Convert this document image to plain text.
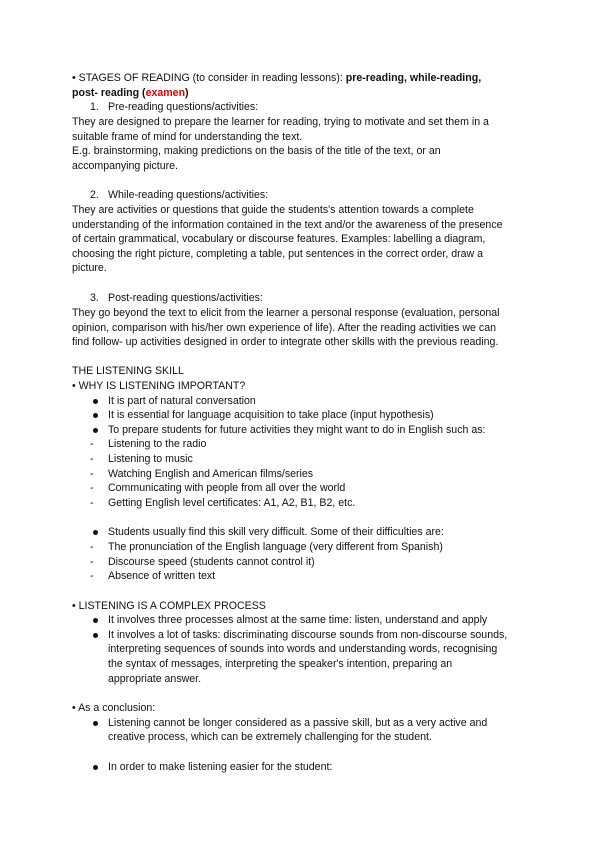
• STAGES OF READING (to consider in reading lessons): pre-reading, while-reading,
post- reading (examen)
1. Pre-reading questions/activities:
They are designed to prepare the learner for reading, trying to motivate and set them in a
suitable frame of mind for understanding the text.
E.g. brainstorming, making predictions on the basis of the title of the text, or an
accompanying picture.
2. While-reading questions/activities:
They are activities or questions that guide the students's attention towards a complete
understanding of the information contained in the text and/or the awareness of the presence
of certain grammatical, vocabulary or discourse features. Examples: labelling a diagram,
choosing the right picture, completing a table, put sentences in the correct order, draw a
picture.
3. Post-reading questions/activities:
They go beyond the text to elicit from the learner a personal response (evaluation, personal
opinion, comparison with his/her own experience of life). After the reading activities we can
find follow- up activities designed in order to integrate other skills with the previous reading.
THE LISTENING SKILL
• WHY IS LISTENING IMPORTANT?
It is part of natural conversation
It is essential for language acquisition to take place (input hypothesis)
To prepare students for future activities they might want to do in English such as:
- Listening to the radio
- Listening to music
- Watching English and American films/series
- Communicating with people from all over the world
- Getting English level certificates: A1, A2, B1, B2, etc.
Students usually find this skill very difficult. Some of their difficulties are:
- The pronunciation of the English language (very different from Spanish)
- Discourse speed (students cannot control it)
- Absence of written text
• LISTENING IS A COMPLEX PROCESS
It involves three processes almost at the same time: listen, understand and apply
It involves a lot of tasks: discriminating discourse sounds from non-discourse sounds,
interpreting sequences of sounds into words and understanding words, recognising
the syntax of messages, interpreting the speaker's intention, preparing an
appropriate answer.
• As a conclusion:
Listening cannot be longer considered as a passive skill, but as a very active and
creative process, which can be extremely challenging for the student.
In order to make listening easier for the student:
